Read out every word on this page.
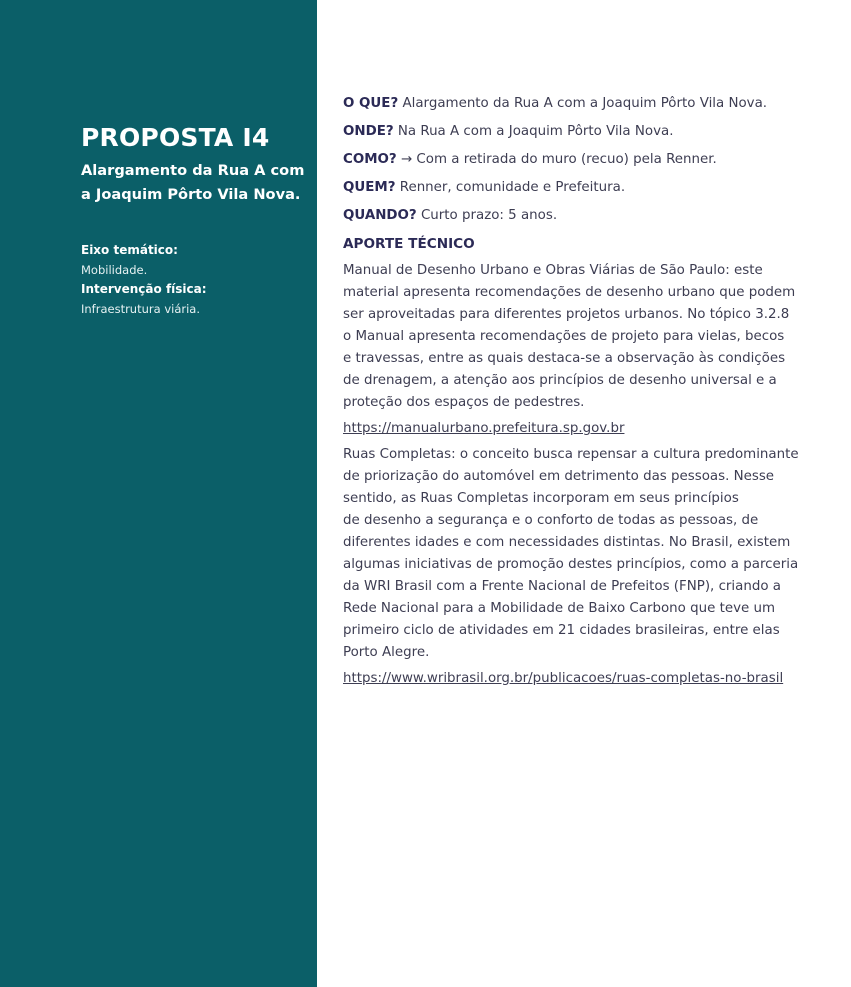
PROPOSTA I4

Alargamento da Rua A com a Joaquim Pôrto Vila Nova.

Eixo temático:
Mobilidade.
Intervenção física:
Infraestrutura viária.
O QUE? Alargamento da Rua A com a Joaquim Pôrto Vila Nova.
ONDE? Na Rua A com a Joaquim Pôrto Vila Nova.
COMO? → Com a retirada do muro (recuo) pela Renner.
QUEM? Renner, comunidade e Prefeitura.
QUANDO? Curto prazo: 5 anos.
APORTE TÉCNICO
Manual de Desenho Urbano e Obras Viárias de São Paulo: este
material apresenta recomendações de desenho urbano que podem
ser aproveitadas para diferentes projetos urbanos. No tópico 3.2.8
o Manual apresenta recomendações de projeto para vielas, becos
e travessas, entre as quais destaca-se a observação às condições
de drenagem, a atenção aos princípios de desenho universal e a
proteção dos espaços de pedestres.
https://manualurbano.prefeitura.sp.gov.br
Ruas Completas: o conceito busca repensar a cultura predominante
de priorização do automóvel em detrimento das pessoas. Nesse
sentido, as Ruas Completas incorporam em seus princípios
de desenho a segurança e o conforto de todas as pessoas, de
diferentes idades e com necessidades distintas. No Brasil, existem
algumas iniciativas de promoção destes princípios, como a parceria
da WRI Brasil com a Frente Nacional de Prefeitos (FNP), criando a
Rede Nacional para a Mobilidade de Baixo Carbono que teve um
primeiro ciclo de atividades em 21 cidades brasileiras, entre elas
Porto Alegre.
https://www.wribrasil.org.br/publicacoes/ruas-completas-no-brasil
